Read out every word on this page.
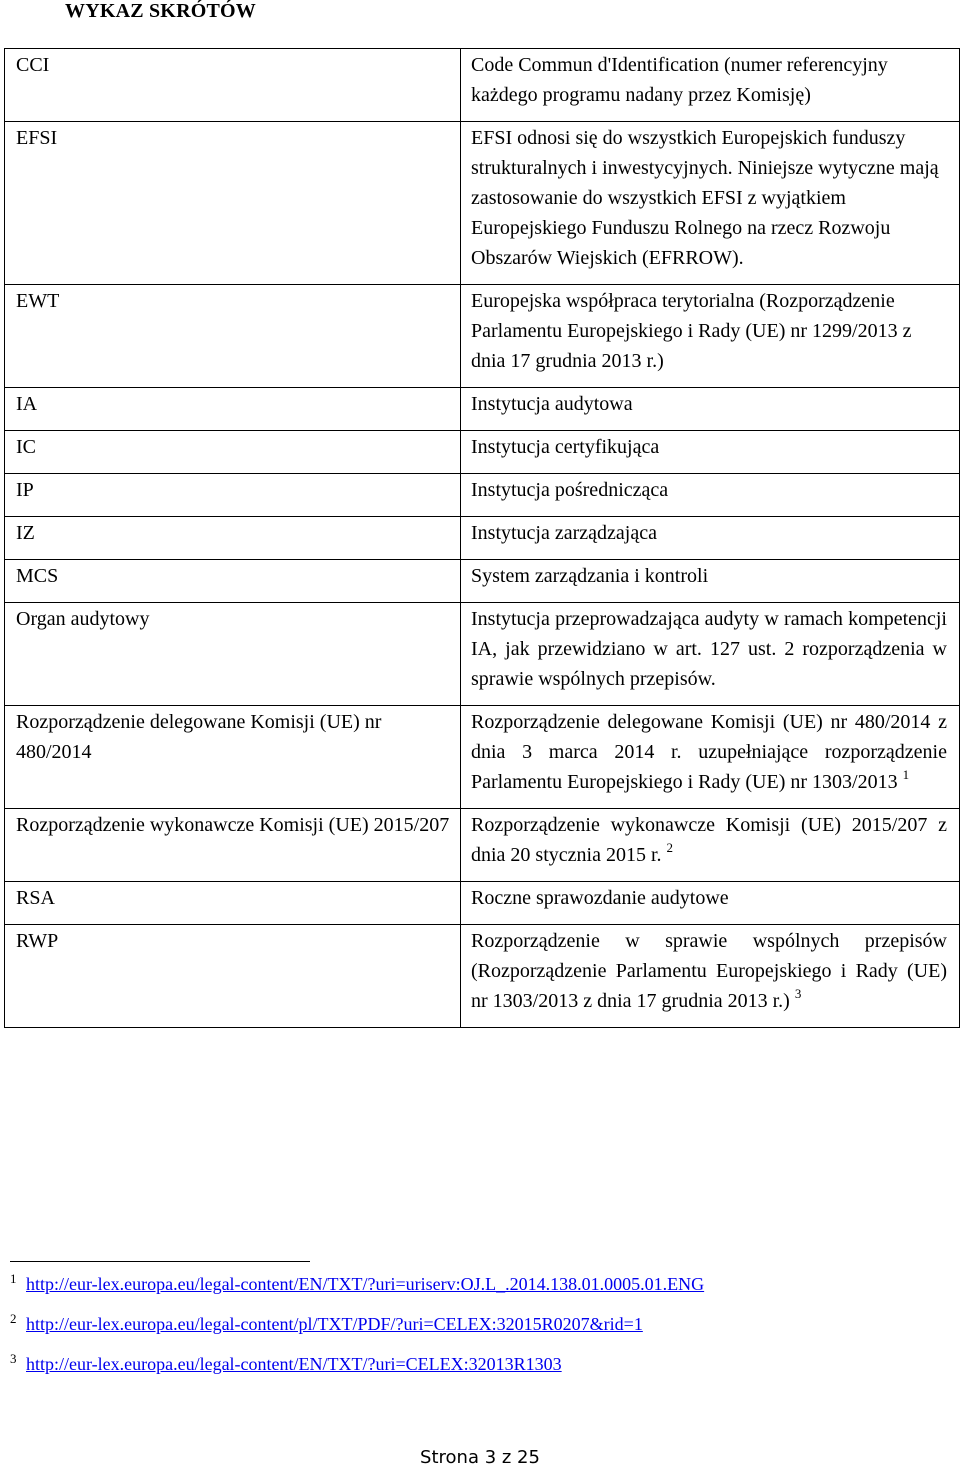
WYKAZ SKRÓTÓW
CCI	Code Commun d'Identification (numer referencyjny każdego programu nadany przez Komisję)

EFSI	EFSI odnosi się do wszystkich Europejskich funduszy strukturalnych i inwestycyjnych. Niniejsze wytyczne mają zastosowanie do wszystkich EFSI z wyjątkiem Europejskiego Funduszu Rolnego na rzecz Rozwoju Obszarów Wiejskich (EFRROW).

EWT	Europejska współpraca terytorialna (Rozporządzenie Parlamentu Europejskiego i Rady (UE) nr 1299/2013 z dnia 17 grudnia 2013 r.)

IA	Instytucja audytowa

IC	Instytucja certyfikująca

IP	Instytucja pośrednicząca

IZ	Instytucja zarządzająca

MCS	System zarządzania i kontroli

Organ audytowy	Instytucja przeprowadzająca audyty w ramach kompetencji IA, jak przewidziano w art. 127 ust. 2 rozporządzenia w sprawie wspólnych przepisów.

Rozporządzenie delegowane Komisji (UE) nr 480/2014	Rozporządzenie delegowane Komisji (UE) nr 480/2014 z dnia 3 marca 2014 r. uzupełniające rozporządzenie Parlamentu Europejskiego i Rady (UE) nr 1303/2013 $^1$

Rozporządzenie wykonawcze Komisji (UE) 2015/207	Rozporządzenie wykonawcze Komisji (UE) 2015/207 z dnia 20 stycznia 2015 r. $^2$

RSA	Roczne sprawozdanie audytowe

RWP	Rozporządzenie w sprawie wspólnych przepisów (Rozporządzenie Parlamentu Europejskiego i Rady (UE) nr 1303/2013 z dnia 17 grudnia 2013 r.) $^3$
1 http://eur-lex.europa.eu/legal-content/EN/TXT/?uri=uriserv:OJ.L_.2014.138.01.0005.01.ENG
2 http://eur-lex.europa.eu/legal-content/pl/TXT/PDF/?uri=CELEX:32015R0207&rid=1
3 http://eur-lex.europa.eu/legal-content/EN/TXT/?uri=CELEX:32013R1303
Strona 3 z 25
